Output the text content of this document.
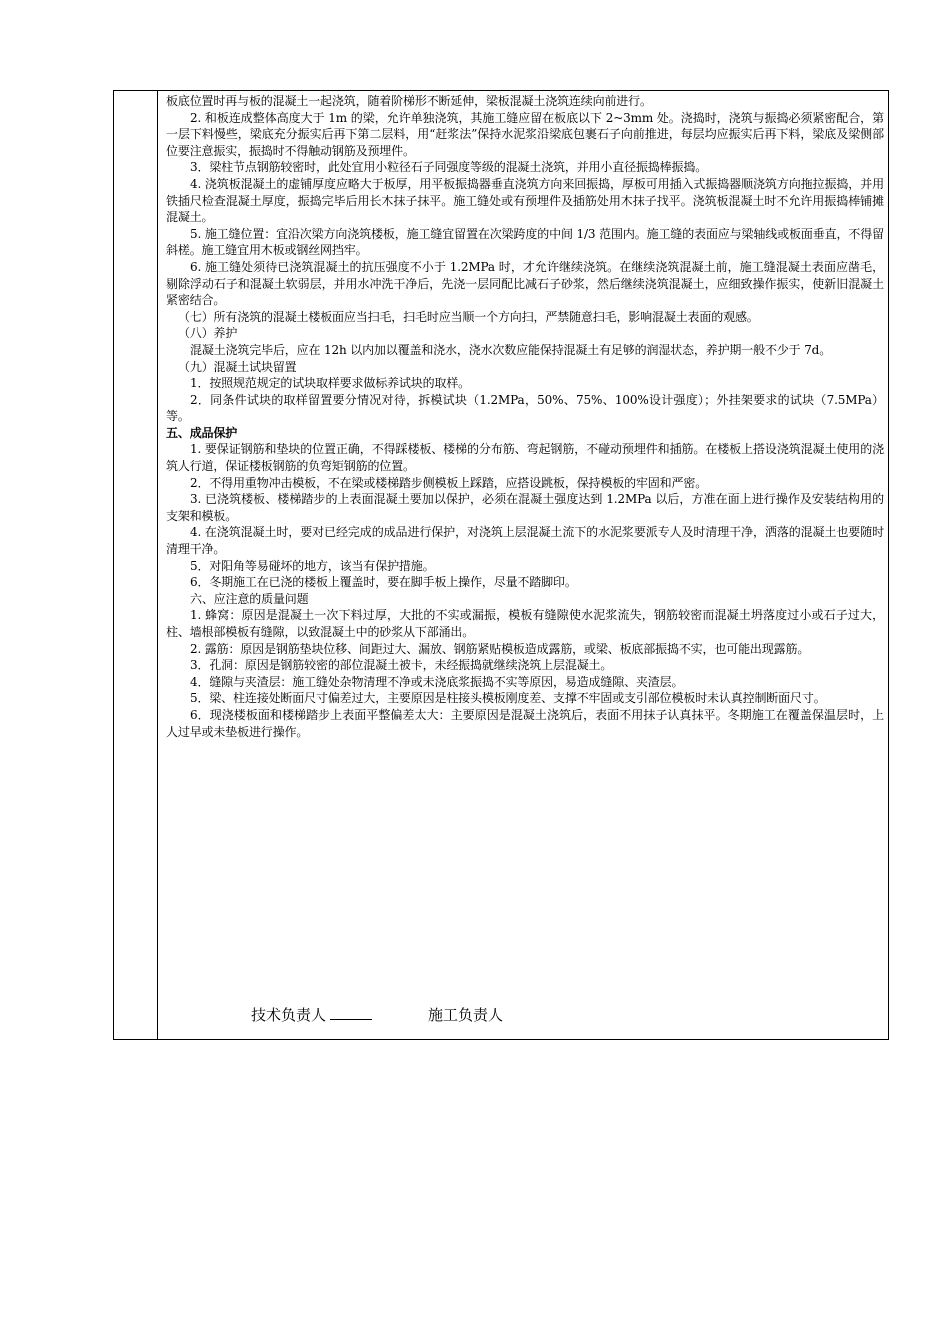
板底位置时再与板的混凝土一起浇筑，随着阶梯形不断延伸，梁板混凝土浇筑连续向前进行。

2. 和板连成整体高度大于 1m 的梁，允许单独浇筑，其施工缝应留在板底以下 2~3mm 处。浇捣时，浇筑与振捣必须紧密配合，第一层下料慢些，梁底充分振实后再下第二层料，用“赶浆法”保持水泥浆沿梁底包裹石子向前推进，每层均应振实后再下料，梁底及梁侧部位要注意振实，振捣时不得触动钢筋及预埋件。

3．梁柱节点钢筋较密时，此处宜用小粒径石子同强度等级的混凝土浇筑，并用小直径振捣棒振捣。

4. 浇筑板混凝土的虚铺厚度应略大于板厚，用平板振捣器垂直浇筑方向来回振捣，厚板可用插入式振捣器顺浇筑方向拖拉振捣，并用铁插尺检查混凝土厚度，振捣完毕后用长木抹子抹平。施工缝处或有预埋件及插筋处用木抹子找平。浇筑板混凝土时不允许用振捣棒铺摊混凝土。

5. 施工缝位置：宜沿次梁方向浇筑楼板，施工缝宜留置在次梁跨度的中间 1/3 范围内。施工缝的表面应与梁轴线或板面垂直，不得留斜槎。施工缝宜用木板或钢丝网挡牢。

6. 施工缝处须待已浇筑混凝土的抗压强度不小于 1.2MPa 时，才允许继续浇筑。在继续浇筑混凝土前，施工缝混凝土表面应凿毛，剔除浮动石子和混凝土软弱层，并用水冲洗干净后，先浇一层同配比减石子砂浆，然后继续浇筑混凝土，应细致操作振实，使新旧混凝土紧密结合。

（七）所有浇筑的混凝土楼板面应当扫毛，扫毛时应当顺一个方向扫，严禁随意扫毛，影响混凝土表面的观感。

（八）养护

混凝土浇筑完毕后，应在 12h 以内加以覆盖和浇水，浇水次数应能保持混凝土有足够的润湿状态，养护期一般不少于 7d。

（九）混凝土试块留置

1．按照规范规定的试块取样要求做标养试块的取样。

2．同条件试块的取样留置要分情况对待，拆模试块（1.2MPa，50%、75%、100%设计强度）；外挂架要求的试块（7.5MPa）等。

五、成品保护

1. 要保证钢筋和垫块的位置正确，不得踩楼板、楼梯的分布筋、弯起钢筋，不碰动预埋件和插筋。在楼板上搭设浇筑混凝土使用的浇筑人行道，保证楼板钢筋的负弯矩钢筋的位置。

2．不得用重物冲击模板，不在梁或楼梯踏步侧模板上踩踏，应搭设跳板，保持模板的牢固和严密。

3. 已浇筑楼板、楼梯踏步的上表面混凝土要加以保护，必须在混凝土强度达到 1.2MPa 以后，方准在面上进行操作及安装结构用的支架和模板。

4. 在浇筑混凝土时，要对已经完成的成品进行保护，对浇筑上层混凝土流下的水泥浆要派专人及时清理干净，洒落的混凝土也要随时清理干净。

5．对阳角等易碰坏的地方，该当有保护措施。

6．冬期施工在已浇的楼板上覆盖时，要在脚手板上操作，尽量不踏脚印。

六、应注意的质量问题

1. 蜂窝：原因是混凝土一次下料过厚，大批的不实或漏振，模板有缝隙使水泥浆流失，钢筋较密而混凝土坍落度过小或石子过大，柱、墙根部模板有缝隙，以致混凝土中的砂浆从下部涌出。

2. 露筋：原因是钢筋垫块位移、间距过大、漏放、钢筋紧贴模板造成露筋，或梁、板底部振捣不实，也可能出现露筋。

3．孔洞：原因是钢筋较密的部位混凝土被卡，未经振捣就继续浇筑上层混凝土。

4．缝隙与夹渣层：施工缝处杂物清理不净或未浇底浆振捣不实等原因，易造成缝隙、夹渣层。

5．梁、柱连接处断面尺寸偏差过大，主要原因是柱接头模板刚度差、支撑不牢固或支引部位模板时未认真控制断面尺寸。

6．现浇楼板面和楼梯踏步上表面平整偏差太大：主要原因是混凝土浇筑后，表面不用抹子认真抹平。冬期施工在覆盖保温层时，上人过早或未垫板进行操作。

技术负责人	施工负责人
